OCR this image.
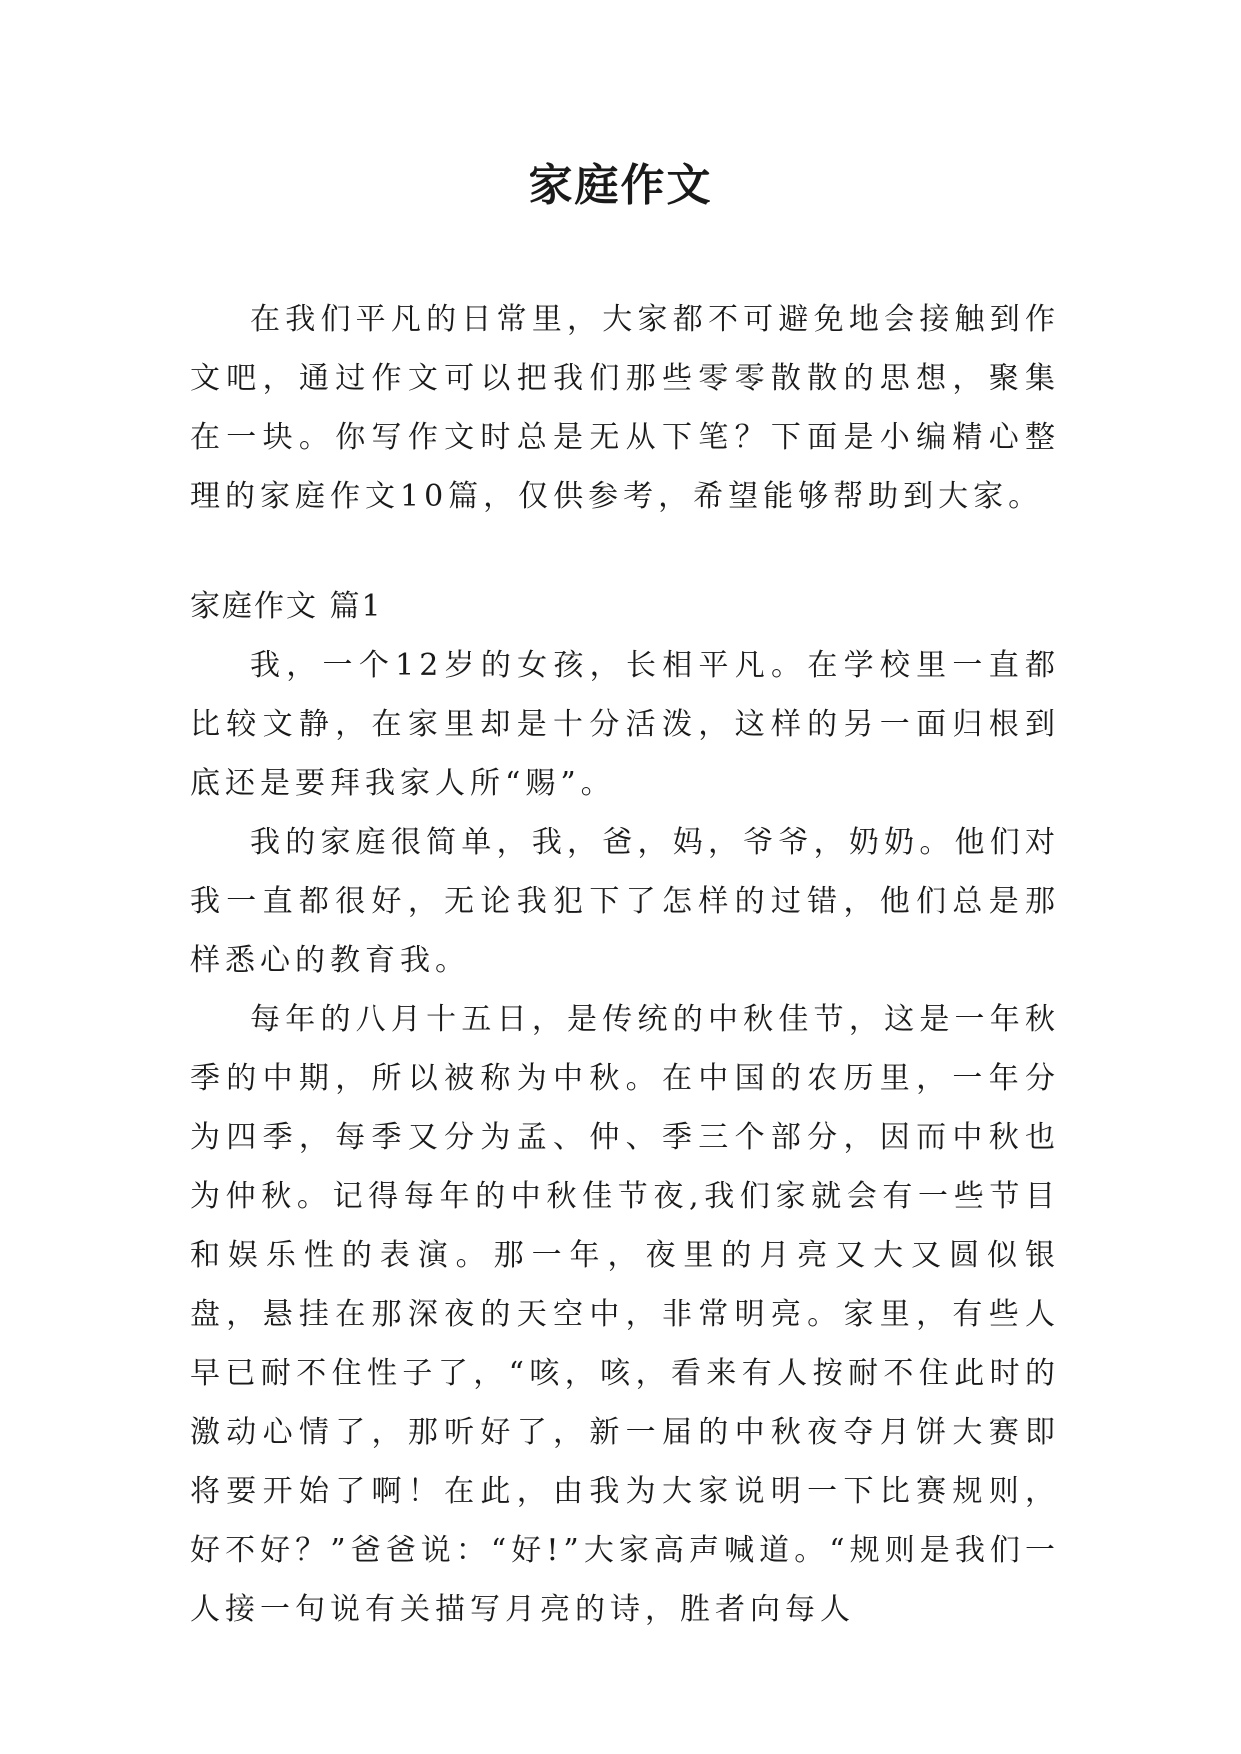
家庭作文

在我们平凡的日常里，大家都不可避免地会接触到作文吧，通过作文可以把我们那些零零散散的思想，聚集在一块。你写作文时总是无从下笔？下面是小编精心整理的家庭作文10篇，仅供参考，希望能够帮助到大家。

家庭作文 篇1

我，一个12岁的女孩，长相平凡。在学校里一直都比较文静，在家里却是十分活泼，这样的另一面归根到底还是要拜我家人所“赐”。

我的家庭很简单，我，爸，妈，爷爷，奶奶。他们对我一直都很好，无论我犯下了怎样的过错，他们总是那样悉心的教育我。

每年的八月十五日，是传统的中秋佳节，这是一年秋季的中期，所以被称为中秋。在中国的农历里，一年分为四季，每季又分为孟、仲、季三个部分，因而中秋也为仲秋。记得每年的中秋佳节夜,我们家就会有一些节目和娱乐性的表演。那一年，夜里的月亮又大又圆似银盘，悬挂在那深夜的天空中，非常明亮。家里，有些人早已耐不住性子了，“咳，咳，看来有人按耐不住此时的激动心情了，那听好了，新一届的中秋夜夺月饼大赛即将要开始了啊！在此，由我为大家说明一下比赛规则，好不好？”爸爸说：“好!”大家高声喊道。“规则是我们一人接一句说有关描写月亮的诗，胜者向每人
